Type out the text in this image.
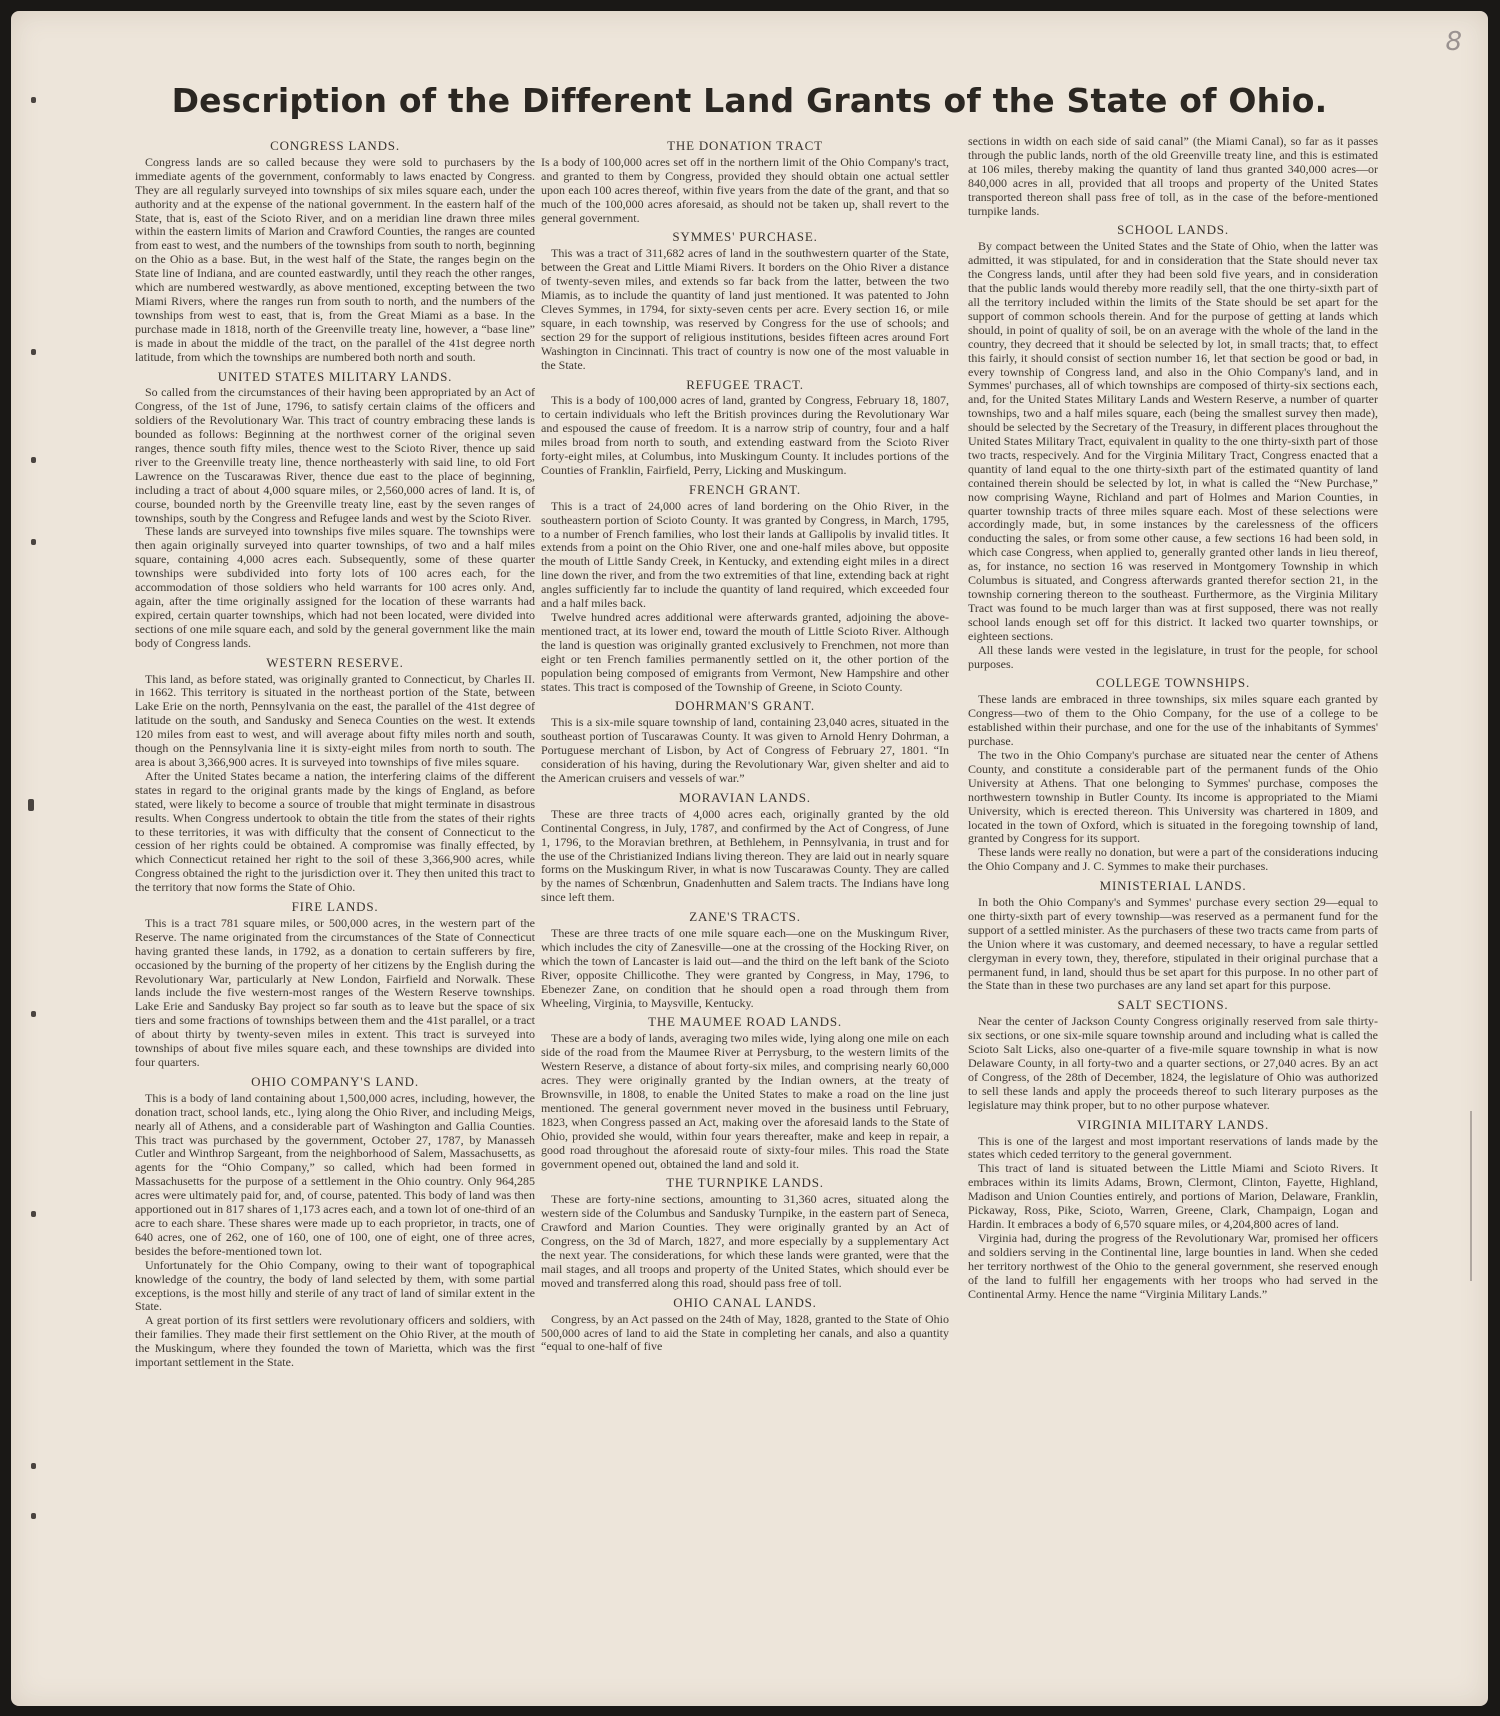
8
Description of the Different Land Grants of the State of Ohio.
CONGRESS LANDS.

Congress lands are so called because they were sold to purchasers by the immediate agents of the government, conformably to laws enacted by Congress. They are all regularly surveyed into townships of six miles square each, under the authority and at the expense of the national government. In the eastern half of the State, that is, east of the Scioto River, and on a meridian line drawn three miles within the eastern limits of Marion and Crawford Counties, the ranges are counted from east to west, and the numbers of the townships from south to north, beginning on the Ohio as a base. But, in the west half of the State, the ranges begin on the State line of Indiana, and are counted eastwardly, until they reach the other ranges, which are numbered westwardly, as above mentioned, excepting between the two Miami Rivers, where the ranges run from south to north, and the numbers of the townships from west to east, that is, from the Great Miami as a base. In the purchase made in 1818, north of the Greenville treaty line, however, a “base line” is made in about the middle of the tract, on the parallel of the 41st degree north latitude, from which the townships are numbered both north and south.

UNITED STATES MILITARY LANDS.

So called from the circumstances of their having been appropriated by an Act of Congress, of the 1st of June, 1796, to satisfy certain claims of the officers and soldiers of the Revolutionary War. This tract of country embracing these lands is bounded as follows: Beginning at the northwest corner of the original seven ranges, thence south fifty miles, thence west to the Scioto River, thence up said river to the Greenville treaty line, thence northeasterly with said line, to old Fort Lawrence on the Tuscarawas River, thence due east to the place of beginning, including a tract of about 4,000 square miles, or 2,560,000 acres of land. It is, of course, bounded north by the Greenville treaty line, east by the seven ranges of townships, south by the Congress and Refugee lands and west by the Scioto River.

These lands are surveyed into townships five miles square. The townships were then again originally surveyed into quarter townships, of two and a half miles square, containing 4,000 acres each. Subsequently, some of these quarter townships were subdivided into forty lots of 100 acres each, for the accommodation of those soldiers who held warrants for 100 acres only. And, again, after the time originally assigned for the location of these warrants had expired, certain quarter townships, which had not been located, were divided into sections of one mile square each, and sold by the general government like the main body of Congress lands.

WESTERN RESERVE.

This land, as before stated, was originally granted to Connecticut, by Charles II. in 1662. This territory is situated in the northeast portion of the State, between Lake Erie on the north, Pennsylvania on the east, the parallel of the 41st degree of latitude on the south, and Sandusky and Seneca Counties on the west. It extends 120 miles from east to west, and will average about fifty miles north and south, though on the Pennsylvania line it is sixty-eight miles from north to south. The area is about 3,366,900 acres. It is surveyed into townships of five miles square.

After the United States became a nation, the interfering claims of the different states in regard to the original grants made by the kings of England, as before stated, were likely to become a source of trouble that might terminate in disastrous results. When Congress undertook to obtain the title from the states of their rights to these territories, it was with difficulty that the consent of Connecticut to the cession of her rights could be obtained. A compromise was finally effected, by which Connecticut retained her right to the soil of these 3,366,900 acres, while Congress obtained the right to the jurisdiction over it. They then united this tract to the territory that now forms the State of Ohio.

FIRE LANDS.

This is a tract 781 square miles, or 500,000 acres, in the western part of the Reserve. The name originated from the circumstances of the State of Connecticut having granted these lands, in 1792, as a donation to certain sufferers by fire, occasioned by the burning of the property of her citizens by the English during the Revolutionary War, particularly at New London, Fairfield and Norwalk. These lands include the five western-most ranges of the Western Reserve townships. Lake Erie and Sandusky Bay project so far south as to leave but the space of six tiers and some fractions of townships between them and the 41st parallel, or a tract of about thirty by twenty-seven miles in extent. This tract is surveyed into townships of about five miles square each, and these townships are divided into four quarters.

OHIO COMPANY'S LAND.

This is a body of land containing about 1,500,000 acres, including, however, the donation tract, school lands, etc., lying along the Ohio River, and including Meigs, nearly all of Athens, and a considerable part of Washington and Gallia Counties. This tract was purchased by the government, October 27, 1787, by Manasseh Cutler and Winthrop Sargeant, from the neighborhood of Salem, Massachusetts, as agents for the “Ohio Company,” so called, which had been formed in Massachusetts for the purpose of a settlement in the Ohio country. Only 964,285 acres were ultimately paid for, and, of course, patented. This body of land was then apportioned out in 817 shares of 1,173 acres each, and a town lot of one-third of an acre to each share. These shares were made up to each proprietor, in tracts, one of 640 acres, one of 262, one of 160, one of 100, one of eight, one of three acres, besides the before-mentioned town lot.

Unfortunately for the Ohio Company, owing to their want of topographical knowledge of the country, the body of land selected by them, with some partial exceptions, is the most hilly and sterile of any tract of land of similar extent in the State.

A great portion of its first settlers were revolutionary officers and soldiers, with their families. They made their first settlement on the Ohio River, at the mouth of the Muskingum, where they founded the town of Marietta, which was the first important settlement in the State.

THE DONATION TRACT

Is a body of 100,000 acres set off in the northern limit of the Ohio Company's tract, and granted to them by Congress, provided they should obtain one actual settler upon each 100 acres thereof, within five years from the date of the grant, and that so much of the 100,000 acres aforesaid, as should not be taken up, shall revert to the general government.

SYMMES' PURCHASE.

This was a tract of 311,682 acres of land in the southwestern quarter of the State, between the Great and Little Miami Rivers. It borders on the Ohio River a distance of twenty-seven miles, and extends so far back from the latter, between the two Miamis, as to include the quantity of land just mentioned. It was patented to John Cleves Symmes, in 1794, for sixty-seven cents per acre. Every section 16, or mile square, in each township, was reserved by Congress for the use of schools; and section 29 for the support of religious institutions, besides fifteen acres around Fort Washington in Cincinnati. This tract of country is now one of the most valuable in the State.

REFUGEE TRACT.

This is a body of 100,000 acres of land, granted by Congress, February 18, 1807, to certain individuals who left the British provinces during the Revolutionary War and espoused the cause of freedom. It is a narrow strip of country, four and a half miles broad from north to south, and extending eastward from the Scioto River forty-eight miles, at Columbus, into Muskingum County. It includes portions of the Counties of Franklin, Fairfield, Perry, Licking and Muskingum.

FRENCH GRANT.

This is a tract of 24,000 acres of land bordering on the Ohio River, in the southeastern portion of Scioto County. It was granted by Congress, in March, 1795, to a number of French families, who lost their lands at Gallipolis by invalid titles. It extends from a point on the Ohio River, one and one-half miles above, but opposite the mouth of Little Sandy Creek, in Kentucky, and extending eight miles in a direct line down the river, and from the two extremities of that line, extending back at right angles sufficiently far to include the quantity of land required, which exceeded four and a half miles back.

Twelve hundred acres additional were afterwards granted, adjoining the above-mentioned tract, at its lower end, toward the mouth of Little Scioto River. Although the land is question was originally granted exclusively to Frenchmen, not more than eight or ten French families permanently settled on it, the other portion of the population being composed of emigrants from Vermont, New Hampshire and other states. This tract is composed of the Township of Greene, in Scioto County.

DOHRMAN'S GRANT.

This is a six-mile square township of land, containing 23,040 acres, situated in the southeast portion of Tuscarawas County. It was given to Arnold Henry Dohrman, a Portuguese merchant of Lisbon, by Act of Congress of February 27, 1801. “In consideration of his having, during the Revolutionary War, given shelter and aid to the American cruisers and vessels of war.”

MORAVIAN LANDS.

These are three tracts of 4,000 acres each, originally granted by the old Continental Congress, in July, 1787, and confirmed by the Act of Congress, of June 1, 1796, to the Moravian brethren, at Bethlehem, in Pennsylvania, in trust and for the use of the Christianized Indians living thereon. They are laid out in nearly square forms on the Muskingum River, in what is now Tuscarawas County. They are called by the names of Schœnbrun, Gnadenhutten and Salem tracts. The Indians have long since left them.

ZANE'S TRACTS.

These are three tracts of one mile square each—one on the Muskingum River, which includes the city of Zanesville—one at the crossing of the Hocking River, on which the town of Lancaster is laid out—and the third on the left bank of the Scioto River, opposite Chillicothe. They were granted by Congress, in May, 1796, to Ebenezer Zane, on condition that he should open a road through them from Wheeling, Virginia, to Maysville, Kentucky.

THE MAUMEE ROAD LANDS.

These are a body of lands, averaging two miles wide, lying along one mile on each side of the road from the Maumee River at Perrysburg, to the western limits of the Western Reserve, a distance of about forty-six miles, and comprising nearly 60,000 acres. They were originally granted by the Indian owners, at the treaty of Brownsville, in 1808, to enable the United States to make a road on the line just mentioned. The general government never moved in the business until February, 1823, when Congress passed an Act, making over the aforesaid lands to the State of Ohio, provided she would, within four years thereafter, make and keep in repair, a good road throughout the aforesaid route of sixty-four miles. This road the State government opened out, obtained the land and sold it.

THE TURNPIKE LANDS.

These are forty-nine sections, amounting to 31,360 acres, situated along the western side of the Columbus and Sandusky Turnpike, in the eastern part of Seneca, Crawford and Marion Counties. They were originally granted by an Act of Congress, on the 3d of March, 1827, and more especially by a supplementary Act the next year. The considerations, for which these lands were granted, were that the mail stages, and all troops and property of the United States, which should ever be moved and transferred along this road, should pass free of toll.

OHIO CANAL LANDS.

Congress, by an Act passed on the 24th of May, 1828, granted to the State of Ohio 500,000 acres of land to aid the State in completing her canals, and also a quantity “equal to one-half of five

sections in width on each side of said canal” (the Miami Canal), so far as it passes through the public lands, north of the old Greenville treaty line, and this is estimated at 106 miles, thereby making the quantity of land thus granted 340,000 acres—or 840,000 acres in all, provided that all troops and property of the United States transported thereon shall pass free of toll, as in the case of the before-mentioned turnpike lands.

SCHOOL LANDS.

By compact between the United States and the State of Ohio, when the latter was admitted, it was stipulated, for and in consideration that the State should never tax the Congress lands, until after they had been sold five years, and in consideration that the public lands would thereby more readily sell, that the one thirty-sixth part of all the territory included within the limits of the State should be set apart for the support of common schools therein. And for the purpose of getting at lands which should, in point of quality of soil, be on an average with the whole of the land in the country, they decreed that it should be selected by lot, in small tracts; that, to effect this fairly, it should consist of section number 16, let that section be good or bad, in every township of Congress land, and also in the Ohio Company's land, and in Symmes' purchases, all of which townships are composed of thirty-six sections each, and, for the United States Military Lands and Western Reserve, a number of quarter townships, two and a half miles square, each (being the smallest survey then made), should be selected by the Secretary of the Treasury, in different places throughout the United States Military Tract, equivalent in quality to the one thirty-sixth part of those two tracts, respecively. And for the Virginia Military Tract, Congress enacted that a quantity of land equal to the one thirty-sixth part of the estimated quantity of land contained therein should be selected by lot, in what is called the “New Purchase,” now comprising Wayne, Richland and part of Holmes and Marion Counties, in quarter township tracts of three miles square each. Most of these selections were accordingly made, but, in some instances by the carelessness of the officers conducting the sales, or from some other cause, a few sections 16 had been sold, in which case Congress, when applied to, generally granted other lands in lieu thereof, as, for instance, no section 16 was reserved in Montgomery Township in which Columbus is situated, and Congress afterwards granted therefor section 21, in the township cornering thereon to the southeast. Furthermore, as the Virginia Military Tract was found to be much larger than was at first supposed, there was not really school lands enough set off for this district. It lacked two quarter townships, or eighteen sections.

All these lands were vested in the legislature, in trust for the people, for school purposes.

COLLEGE TOWNSHIPS.

These lands are embraced in three townships, six miles square each granted by Congress—two of them to the Ohio Company, for the use of a college to be established within their purchase, and one for the use of the inhabitants of Symmes' purchase.

The two in the Ohio Company's purchase are situated near the center of Athens County, and constitute a considerable part of the permanent funds of the Ohio University at Athens. That one belonging to Symmes' purchase, composes the northwestern township in Butler County. Its income is appropriated to the Miami University, which is erected thereon. This University was chartered in 1809, and located in the town of Oxford, which is situated in the foregoing township of land, granted by Congress for its support.

These lands were really no donation, but were a part of the considerations inducing the Ohio Company and J. C. Symmes to make their purchases.

MINISTERIAL LANDS.

In both the Ohio Company's and Symmes' purchase every section 29—equal to one thirty-sixth part of every township—was reserved as a permanent fund for the support of a settled minister. As the purchasers of these two tracts came from parts of the Union where it was customary, and deemed necessary, to have a regular settled clergyman in every town, they, therefore, stipulated in their original purchase that a permanent fund, in land, should thus be set apart for this purpose. In no other part of the State than in these two purchases are any land set apart for this purpose.

SALT SECTIONS.

Near the center of Jackson County Congress originally reserved from sale thirty-six sections, or one six-mile square township around and including what is called the Scioto Salt Licks, also one-quarter of a five-mile square township in what is now Delaware County, in all forty-two and a quarter sections, or 27,040 acres. By an act of Congress, of the 28th of December, 1824, the legislature of Ohio was authorized to sell these lands and apply the proceeds thereof to such literary purposes as the legislature may think proper, but to no other purpose whatever.

VIRGINIA MILITARY LANDS.

This is one of the largest and most important reservations of lands made by the states which ceded territory to the general government.

This tract of land is situated between the Little Miami and Scioto Rivers. It embraces within its limits Adams, Brown, Clermont, Clinton, Fayette, Highland, Madison and Union Counties entirely, and portions of Marion, Delaware, Franklin, Pickaway, Ross, Pike, Scioto, Warren, Greene, Clark, Champaign, Logan and Hardin. It embraces a body of 6,570 square miles, or 4,204,800 acres of land.

Virginia had, during the progress of the Revolutionary War, promised her officers and soldiers serving in the Continental line, large bounties in land. When she ceded her territory northwest of the Ohio to the general government, she reserved enough of the land to fulfill her engagements with her troops who had served in the Continental Army. Hence the name “Virginia Military Lands.”
